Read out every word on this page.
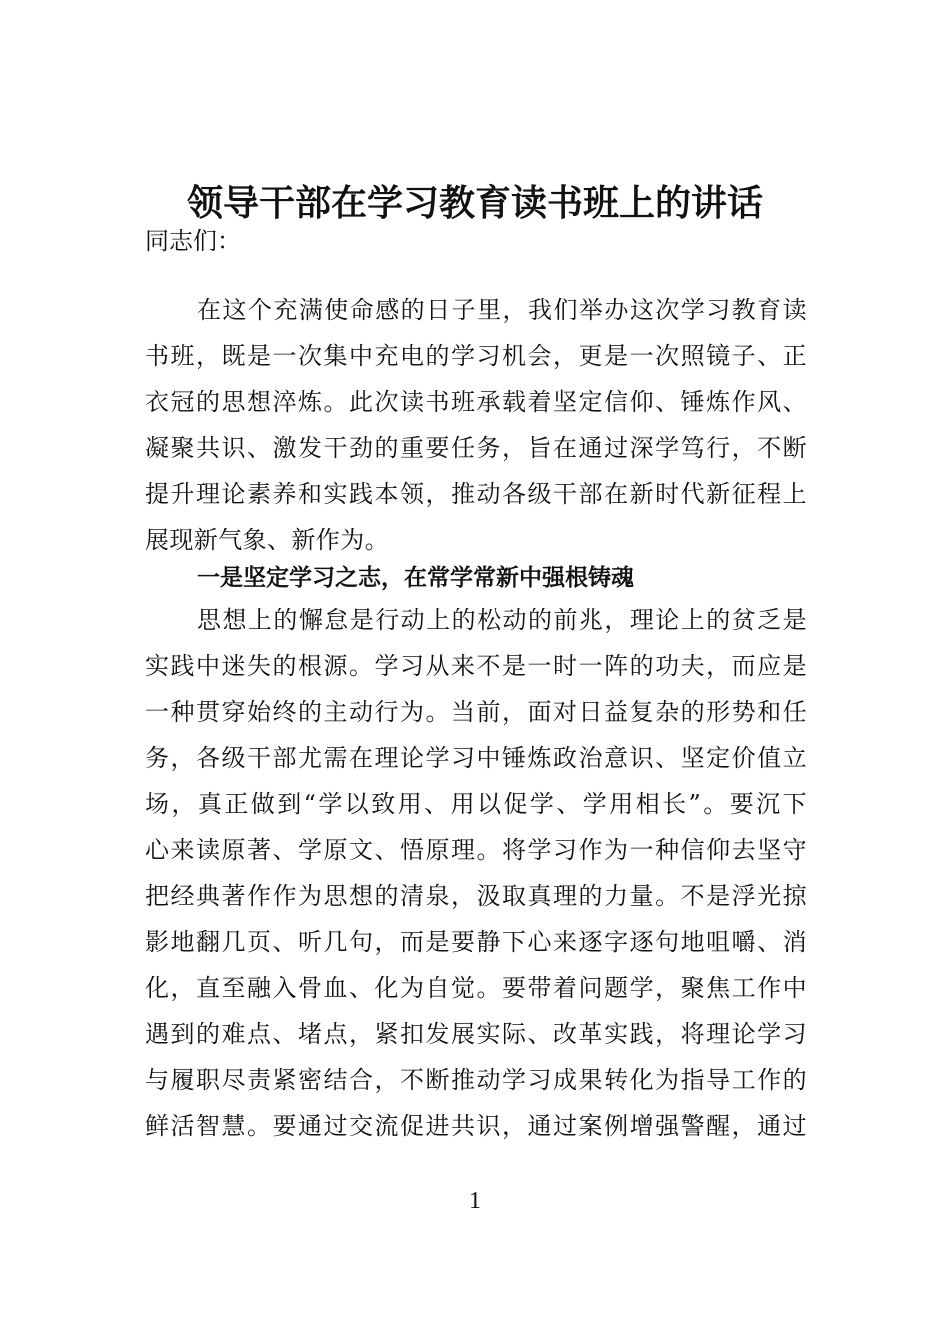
领导干部在学习教育读书班上的讲话
同志们：
在这个充满使命感的日子里，我们举办这次学习教育读
书班，既是一次集中充电的学习机会，更是一次照镜子、正
衣冠的思想淬炼。此次读书班承载着坚定信仰、锤炼作风、
凝聚共识、激发干劲的重要任务，旨在通过深学笃行，不断
提升理论素养和实践本领，推动各级干部在新时代新征程上
展现新气象、新作为。
一是坚定学习之志，在常学常新中强根铸魂
思想上的懈怠是行动上的松动的前兆，理论上的贫乏是
实践中迷失的根源。学习从来不是一时一阵的功夫，而应是
一种贯穿始终的主动行为。当前，面对日益复杂的形势和任
务，各级干部尤需在理论学习中锤炼政治意识、坚定价值立
场，真正做到“学以致用、用以促学、学用相长”。要沉下
心来读原著、学原文、悟原理。将学习作为一种信仰去坚守
把经典著作作为思想的清泉，汲取真理的力量。不是浮光掠
影地翻几页、听几句，而是要静下心来逐字逐句地咀嚼、消
化，直至融入骨血、化为自觉。要带着问题学，聚焦工作中
遇到的难点、堵点，紧扣发展实际、改革实践，将理论学习
与履职尽责紧密结合，不断推动学习成果转化为指导工作的
鲜活智慧。要通过交流促进共识，通过案例增强警醒，通过
1
